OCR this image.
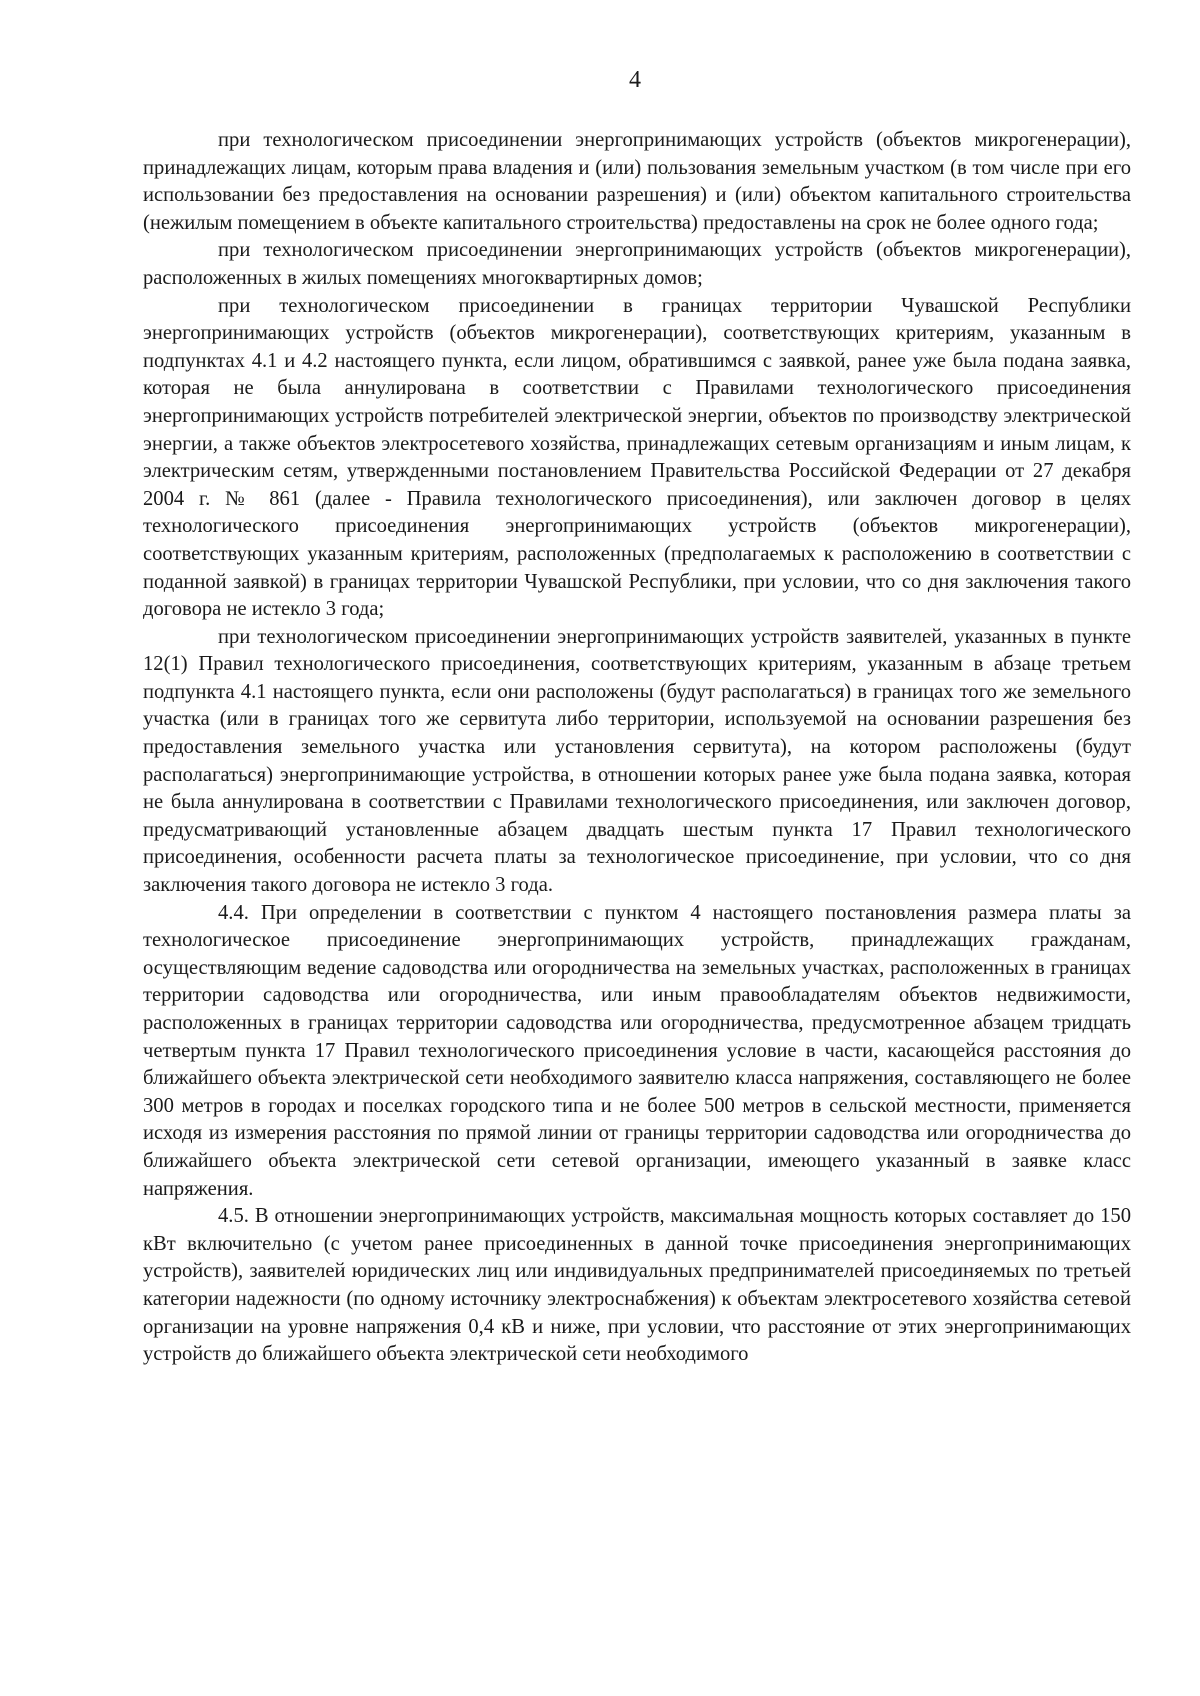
4

при технологическом присоединении энергопринимающих устройств (объектов микрогенерации), принадлежащих лицам, которым права владения и (или) пользования земельным участком (в том числе при его использовании без предоставления на основании разрешения) и (или) объектом капитального строительства (нежилым помещением в объекте капитального строительства) предоставлены на срок не более одного года;

при технологическом присоединении энергопринимающих устройств (объектов микрогенерации), расположенных в жилых помещениях многоквартирных домов;

при технологическом присоединении в границах территории Чувашской Республики энергопринимающих устройств (объектов микрогенерации), соответствующих критериям, указанным в подпунктах 4.1 и 4.2 настоящего пункта, если лицом, обратившимся с заявкой, ранее уже была подана заявка, которая не была аннулирована в соответствии с Правилами технологического присоединения энергопринимающих устройств потребителей электрической энергии, объектов по производству электрической энергии, а также объектов электросетевого хозяйства, принадлежащих сетевым организациям и иным лицам, к электрическим сетям, утвержденными постановлением Правительства Российской Федерации от 27 декабря 2004 г. № 861 (далее - Правила технологического присоединения), или заключен договор в целях технологического присоединения энергопринимающих устройств (объектов микрогенерации), соответствующих указанным критериям, расположенных (предполагаемых к расположению в соответствии с поданной заявкой) в границах территории Чувашской Республики, при условии, что со дня заключения такого договора не истекло 3 года;

при технологическом присоединении энергопринимающих устройств заявителей, указанных в пункте 12(1) Правил технологического присоединения, соответствующих критериям, указанным в абзаце третьем подпункта 4.1 настоящего пункта, если они расположены (будут располагаться) в границах того же земельного участка (или в границах того же сервитута либо территории, используемой на основании разрешения без предоставления земельного участка или установления сервитута), на котором расположены (будут располагаться) энергопринимающие устройства, в отношении которых ранее уже была подана заявка, которая не была аннулирована в соответствии с Правилами технологического присоединения, или заключен договор, предусматривающий установленные абзацем двадцать шестым пункта 17 Правил технологического присоединения, особенности расчета платы за технологическое присоединение, при условии, что со дня заключения такого договора не истекло 3 года.

4.4. При определении в соответствии с пунктом 4 настоящего постановления размера платы за технологическое присоединение энергопринимающих устройств, принадлежащих гражданам, осуществляющим ведение садоводства или огородничества на земельных участках, расположенных в границах территории садоводства или огородничества, или иным правообладателям объектов недвижимости, расположенных в границах территории садоводства или огородничества, предусмотренное абзацем тридцать четвертым пункта 17 Правил технологического присоединения условие в части, касающейся расстояния до ближайшего объекта электрической сети необходимого заявителю класса напряжения, составляющего не более 300 метров в городах и поселках городского типа и не более 500 метров в сельской местности, применяется исходя из измерения расстояния по прямой линии от границы территории садоводства или огородничества до ближайшего объекта электрической сети сетевой организации, имеющего указанный в заявке класс напряжения.

4.5. В отношении энергопринимающих устройств, максимальная мощность которых составляет до 150 кВт включительно (с учетом ранее присоединенных в данной точке присоединения энергопринимающих устройств), заявителей юридических лиц или индивидуальных предпринимателей присоединяемых по третьей категории надежности (по одному источнику электроснабжения) к объектам электросетевого хозяйства сетевой организации на уровне напряжения 0,4 кВ и ниже, при условии, что расстояние от этих энергопринимающих устройств до ближайшего объекта электрической сети необходимого
